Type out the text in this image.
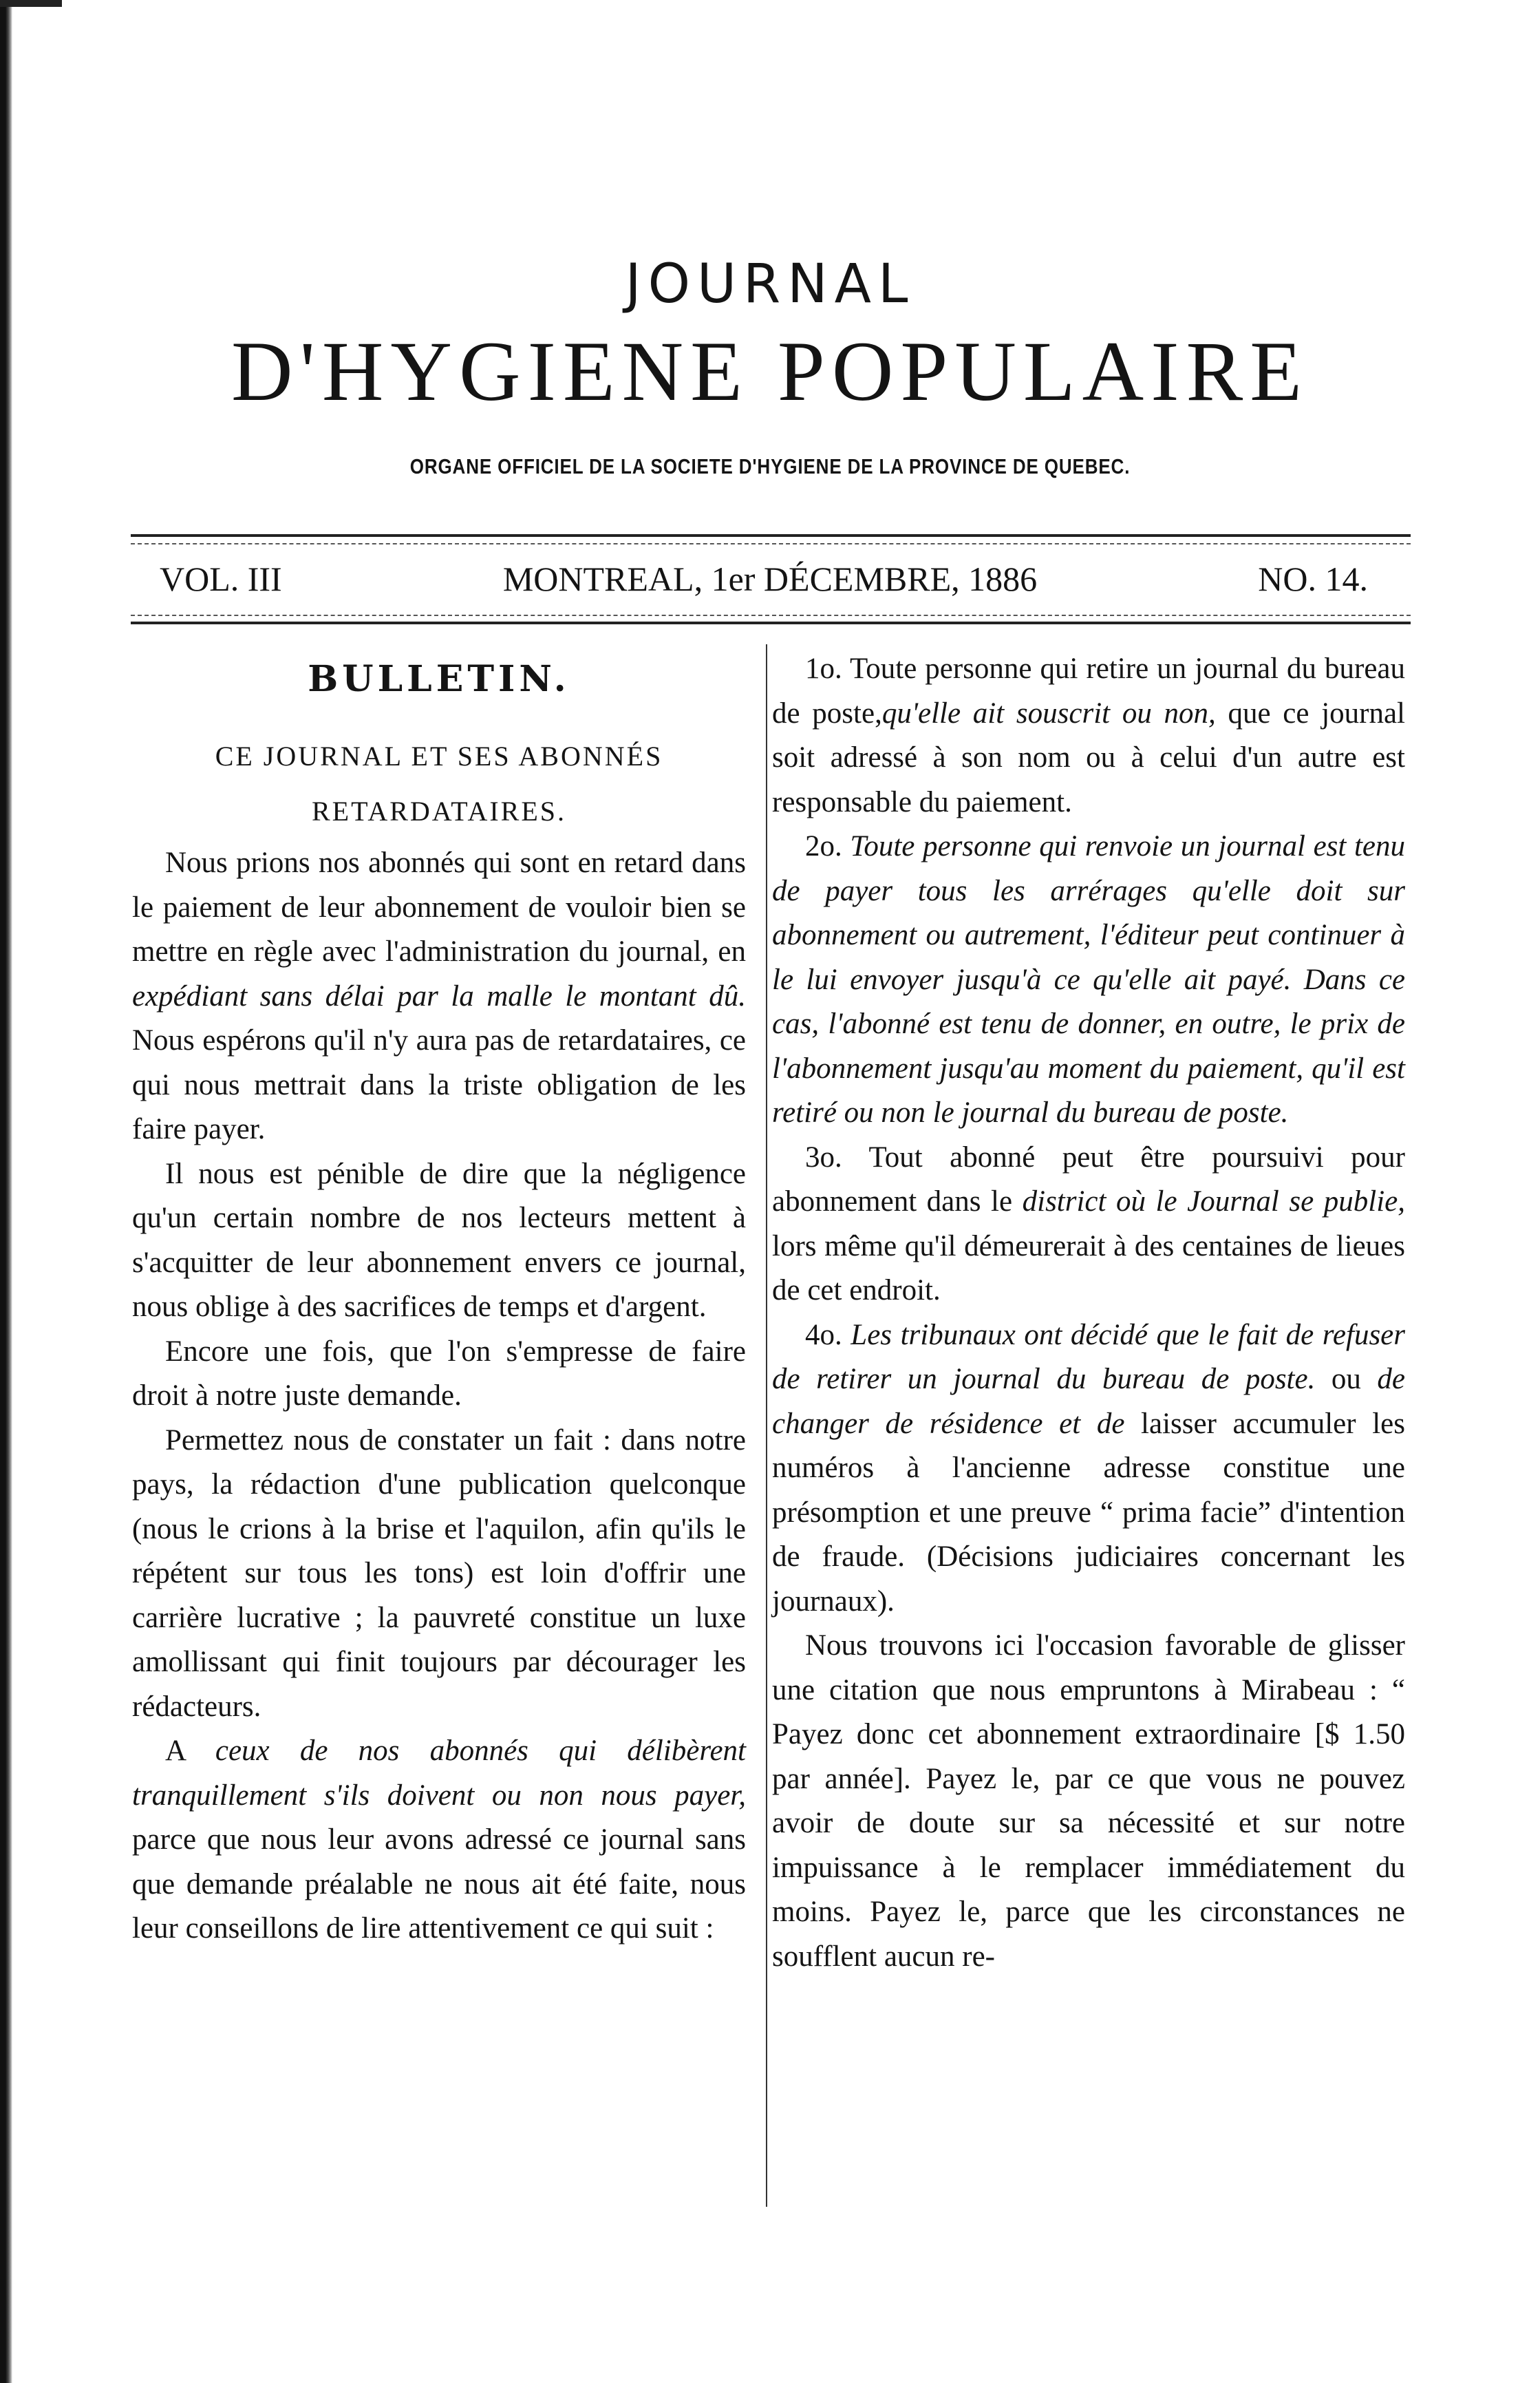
JOURNAL
D'HYGIENE POPULAIRE
ORGANE OFFICIEL DE LA SOCIETE D'HYGIENE DE LA PROVINCE DE QUEBEC.
VOL. III	MONTREAL, 1er DÉCEMBRE, 1886	NO. 14.
BULLETIN.
CE JOURNAL ET SES ABONNÉS
RETARDATAIRES.

Nous prions nos abonnés qui sont en retard dans le paiement de leur abonnement de vouloir bien se mettre en règle avec l'administration du journal, en expédiant sans délai par la malle le montant dû. Nous espérons qu'il n'y aura pas de retardataires, ce qui nous mettrait dans la triste obligation de les faire payer.

Il nous est pénible de dire que la négligence qu'un certain nombre de nos lecteurs mettent à s'acquitter de leur abonnement envers ce journal, nous oblige à des sacrifices de temps et d'argent.

Encore une fois, que l'on s'empresse de faire droit à notre juste demande.

Permettez nous de constater un fait : dans notre pays, la rédaction d'une publication quelconque (nous le crions à la brise et l'aquilon, afin qu'ils le répétent sur tous les tons) est loin d'offrir une carrière lucrative ; la pauvreté constitue un luxe amollissant qui finit toujours par décourager les rédacteurs.

A ceux de nos abonnés qui délibèrent tranquillement s'ils doivent ou non nous payer, parce que nous leur avons adressé ce journal sans que demande préalable ne nous ait été faite, nous leur conseillons de lire attentivement ce qui suit :

1o. Toute personne qui retire un journal du bureau de poste,qu'elle ait souscrit ou non, que ce journal soit adressé à son nom ou à celui d'un autre est responsable du paiement.

2o. Toute personne qui renvoie un journal est tenu de payer tous les arrérages qu'elle doit sur abonnement ou autrement, l'éditeur peut continuer à le lui envoyer jusqu'à ce qu'elle ait payé. Dans ce cas, l'abonné est tenu de donner, en outre, le prix de l'abonnement jusqu'au moment du paiement, qu'il est retiré ou non le journal du bureau de poste.

3o. Tout abonné peut être poursuivi pour abonnement dans le district où le Journal se publie, lors même qu'il démeurerait à des centaines de lieues de cet endroit.

4o. Les tribunaux ont décidé que le fait de refuser de retirer un journal du bureau de poste. ou de changer de résidence et de laisser accumuler les numéros à l'ancienne adresse constitue une présomption et une preuve “ prima facie” d'intention de fraude. (Décisions judiciaires concernant les journaux).

Nous trouvons ici l'occasion favorable de glisser une citation que nous empruntons à Mirabeau : “ Payez donc cet abonnement extraordinaire [$ 1.50 par année]. Payez le, par ce que vous ne pouvez avoir de doute sur sa nécessité et sur notre impuissance à le remplacer immédiatement du moins. Payez le, parce que les circonstances ne soufflent aucun re-
